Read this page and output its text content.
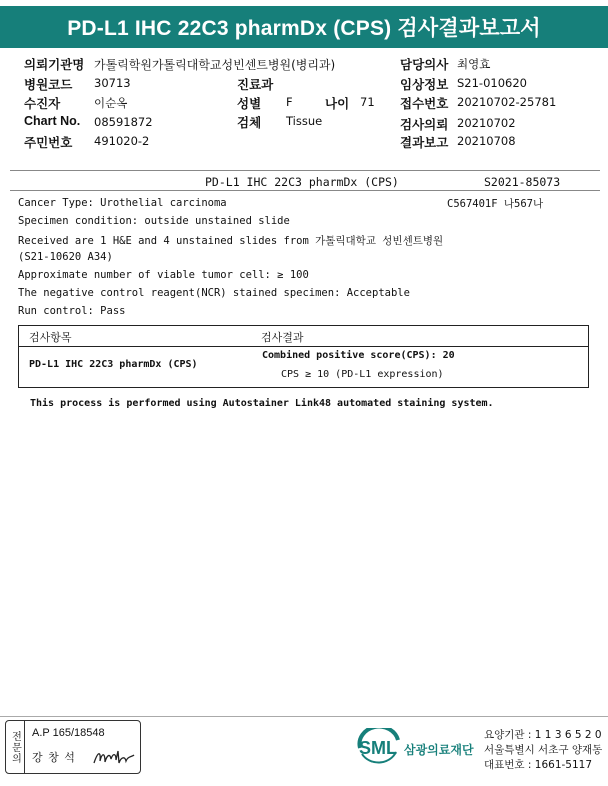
PD-L1 IHC 22C3 pharmDx (CPS) 검사결과보고서
의뢰기관명 가톨릭학원가톨릭대학교성빈센트병원(병리과)	담당의사 최영효
병원코드 30713	진료과	임상정보 S21-010620
수진자	이순옥	성별 F	나이 71 접수번호 20210702-25781
Chart No. 08591872	검체 Tissue	검사의뢰 20210702
주민번호 491020-2	결과보고 20210708
PD-L1 IHC 22C3 pharmDx (CPS)	S2021-85073
C567401F 나567나
Cancer Type: Urothelial carcinoma
Specimen condition: outside unstained slide
Received are 1 H&E and 4 unstained slides from 가톨릭대학교 성빈센트병원
(S21-10620 A34)
Approximate number of viable tumor cell: ≥ 100
The negative control reagent(NCR) stained specimen: Acceptable
Run control: Pass
검사항목	검사결과
PD-L1 IHC 22C3 pharmDx (CPS)
Combined positive score(CPS): 20
CPS ≥ 10 (PD-L1 expression)
This process is performed using Autostainer Link48 automated staining system.
전문의 A.P 165/18548
강 창 석	SML 삼광의료재단
요양기관 : 1 1 3 6 5 2 0
서울특별시 서초구 양재동
대표번호 : 1661-5117
